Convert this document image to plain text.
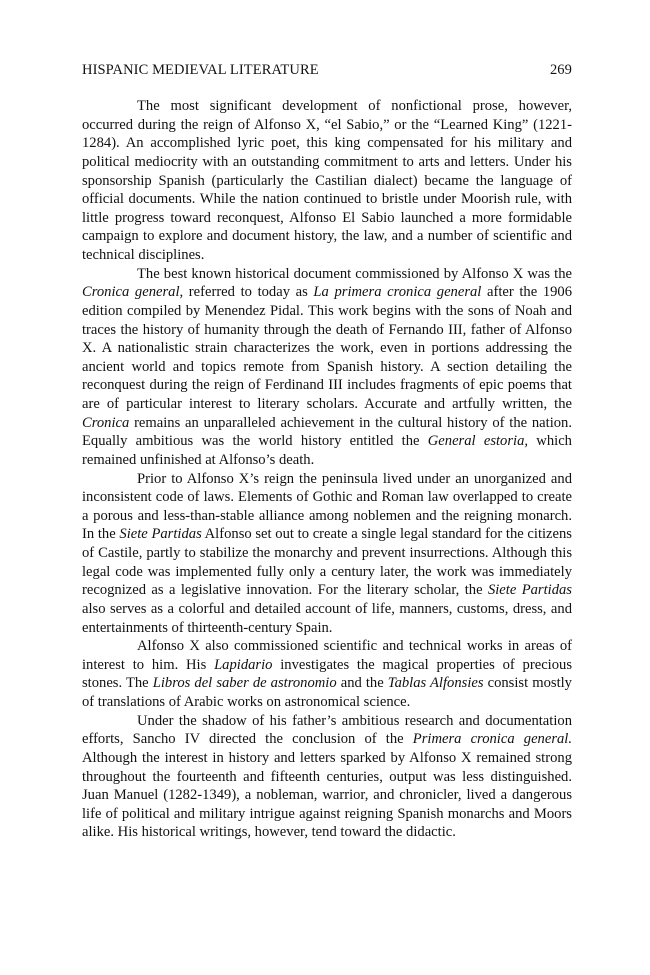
HISPANIC MEDIEVAL LITERATURE	269

The most significant development of nonfictional prose, however, occurred during the reign of Alfonso X, “el Sabio,” or the “Learned King” (1221-1284). An accomplished lyric poet, this king compensated for his military and political mediocrity with an outstanding commitment to arts and letters. Under his sponsorship Spanish (particularly the Castilian dialect) became the language of official documents. While the nation continued to bristle under Moorish rule, with little progress toward reconquest, Alfonso El Sabio launched a more formidable campaign to explore and document history, the law, and a number of scientific and technical disciplines.

The best known historical document commissioned by Alfonso X was the Cronica general, referred to today as La primera cronica general after the 1906 edition compiled by Menendez Pidal. This work begins with the sons of Noah and traces the history of humanity through the death of Fernando III, father of Alfonso X. A nationalistic strain characterizes the work, even in portions addressing the ancient world and topics remote from Spanish history. A section detailing the reconquest during the reign of Ferdinand III includes fragments of epic poems that are of particular interest to literary scholars. Accurate and artfully written, the Cronica remains an unparalleled achievement in the cultural history of the nation. Equally ambitious was the world history entitled the General estoria, which remained unfinished at Alfonso’s death.

Prior to Alfonso X’s reign the peninsula lived under an unorganized and inconsistent code of laws. Elements of Gothic and Roman law overlapped to create a porous and less-than-stable alliance among noblemen and the reigning monarch. In the Siete Partidas Alfonso set out to create a single legal standard for the citizens of Castile, partly to stabilize the monarchy and prevent insurrections. Although this legal code was implemented fully only a century later, the work was immediately recognized as a legislative innovation. For the literary scholar, the Siete Partidas also serves as a colorful and detailed account of life, manners, customs, dress, and entertainments of thirteenth-century Spain.

Alfonso X also commissioned scientific and technical works in areas of interest to him. His Lapidario investigates the magical properties of precious stones. The Libros del saber de astronomio and the Tablas Alfonsies consist mostly of translations of Arabic works on astronomical science.

Under the shadow of his father’s ambitious research and documentation efforts, Sancho IV directed the conclusion of the Primera cronica general. Although the interest in history and letters sparked by Alfonso X remained strong throughout the fourteenth and fifteenth centuries, output was less distinguished. Juan Manuel (1282-1349), a nobleman, warrior, and chronicler, lived a dangerous life of political and military intrigue against reigning Spanish monarchs and Moors alike. His historical writings, however, tend toward the didactic.
